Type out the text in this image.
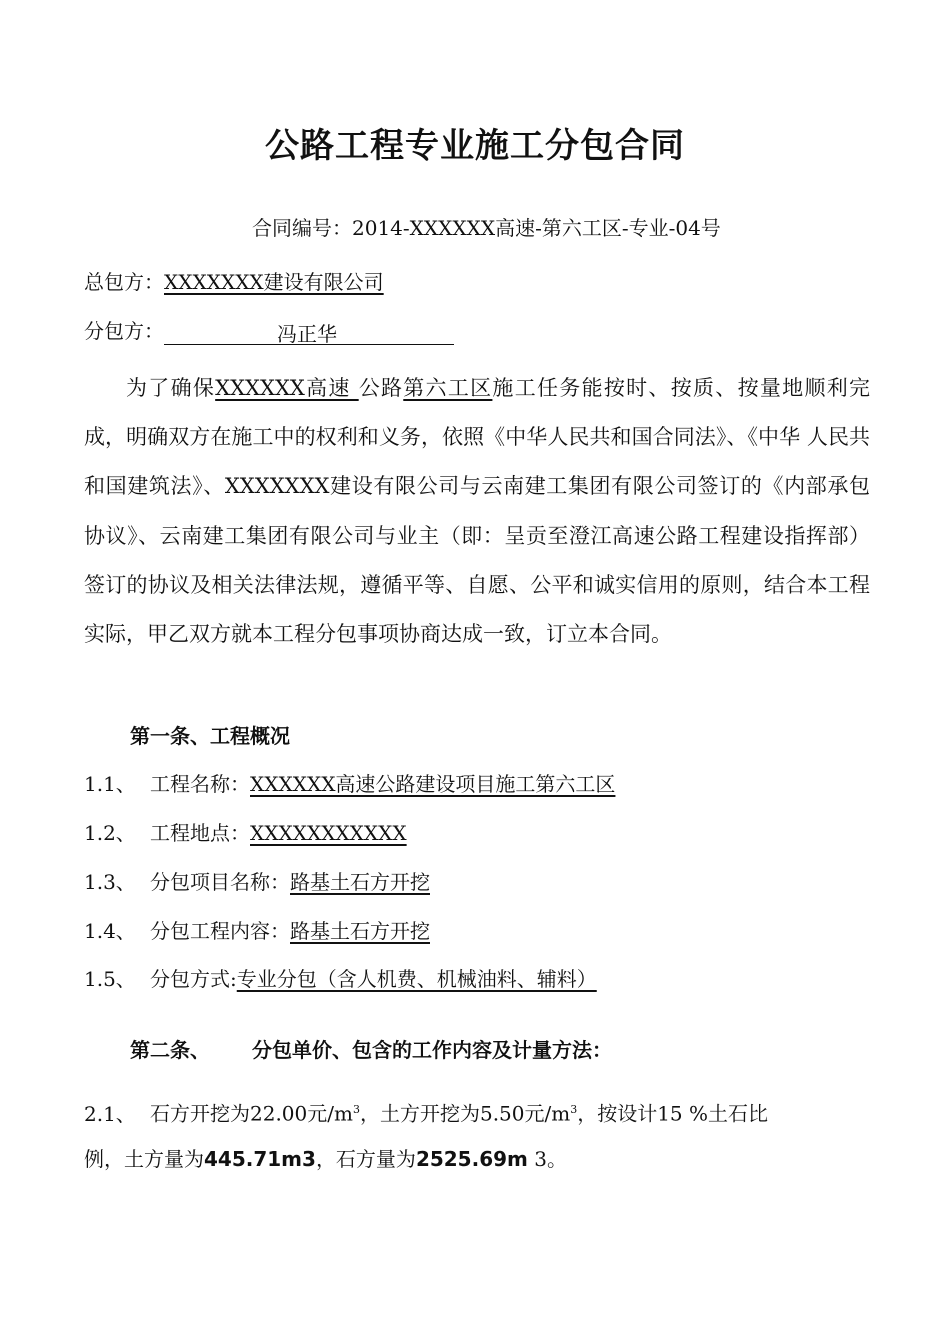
公路工程专业施工分包合同
合同编号：2014-XXXXXX高速-第六工区-专业-04号
总包方：XXXXXXX建设有限公司
分包方：	冯正华
为了确保XXXXXX高速 公路第六工区施工任务能按时、按质、按量地顺利完成，明确双方在施工中的权利和义务，依照《中华人民共和国合同法》、《中华 人民共和国建筑法》、XXXXXXX建设有限公司与云南建工集团有限公司签订的《内部承包协议》、云南建工集团有限公司与业主（即：呈贡至澄江高速公路工程建设指挥部）签订的协议及相关法律法规，遵循平等、自愿、公平和诚实信用的原则，结合本工程实际，甲乙双方就本工程分包事项协商达成一致，订立本合同。
第一条、工程概况
1.1、 工程名称：XXXXXX高速公路建设项目施工第六工区
1.2、 工程地点：XXXXXXXXXXX
1.3、 分包项目名称：路基土石方开挖
1.4、 分包工程内容：路基土石方开挖
1.5、 分包方式:专业分包（含人机费、机械油料、辅料）
第二条、 分包单价、包含的工作内容及计量方法：
2.1、 石方开挖为22.00元$/m^3$，土方开挖为5.50元$/m^3$，按设计15 %土石比
例，土方量为445.71m3，石方量为2525.69m 3。
